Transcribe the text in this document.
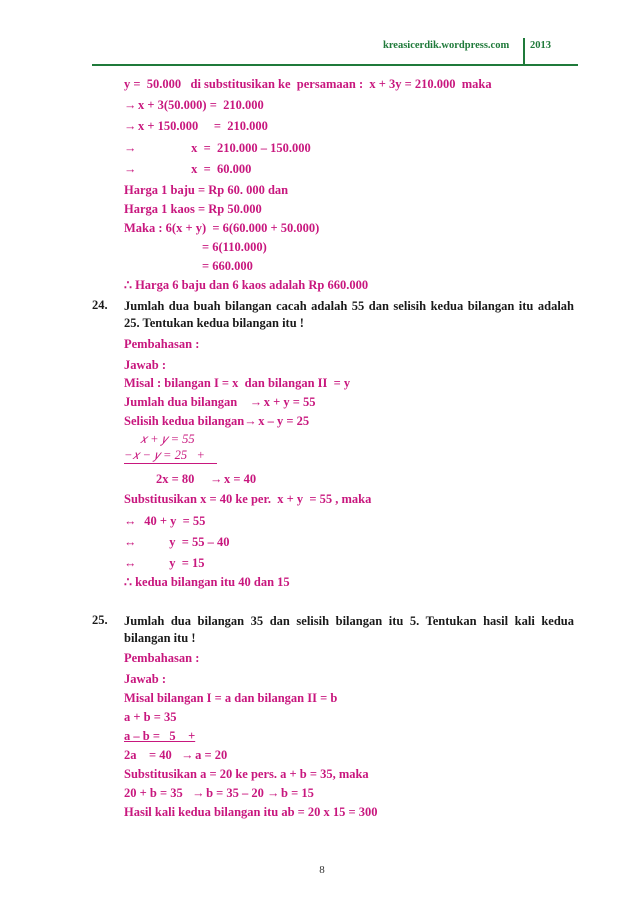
kreasicerdik.wordpress.com 2013
y =  50.000   di substitusikan ke  persamaan :  x + 3y = 210.000  maka
→ x + 3(50.000) =  210.000
→ x + 150.000     =  210.000
→                 x  =  210.000 – 150.000
→                 x  =  60.000
Harga 1 baju = Rp 60. 000 dan
Harga 1 kaos = Rp 50.000
Maka : 6(x + y)  = 6(60.000 + 50.000)
= 6(110.000)
= 660.000
∴ Harga 6 baju dan 6 kaos adalah Rp 660.000
24. Jumlah dua buah bilangan cacah adalah 55 dan selisih kedua bilangan itu adalah 25. Tentukan kedua bilangan itu !
Pembahasan :
Jawab :
Misal : bilangan I = x  dan bilangan II  = y
Jumlah dua bilangan → x + y = 55
Selisih kedua bilangan→ x – y = 25
𝑥 + 𝑦 = 55
−𝑥 − 𝑦 = 25   +
2x = 80 → x = 40
Substitusikan x = 40 ke per.  x + y  = 55 , maka
↔ 40 + y  = 55
↔	y  = 55 – 40
↔	y  = 15
∴ kedua bilangan itu 40 dan 15
25. Jumlah dua bilangan 35 dan selisih bilangan itu 5. Tentukan hasil kali kedua bilangan itu !
Pembahasan :
Jawab :
Misal bilangan I = a dan bilangan II = b
a + b = 35
a – b =   5    +
2a    = 40 → a = 20
Substitusikan a = 20 ke pers. a + b = 35, maka
20 + b = 35 → b = 35 – 20 → b = 15
Hasil kali kedua bilangan itu ab = 20 x 15 = 300
8
